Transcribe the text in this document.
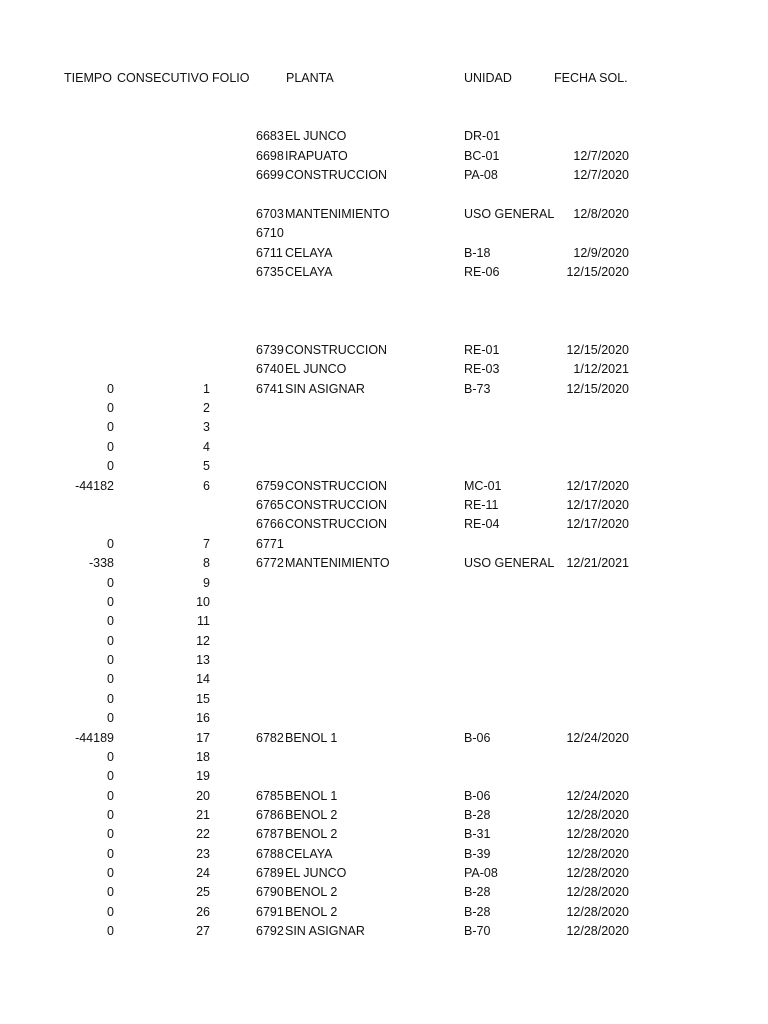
TIEMPO CONSECUTIVO FOLIO	PLANTA	UNIDAD	FECHA SOL.
6683 EL JUNCO	DR-01
6698 IRAPUATO	BC-01	12/7/2020
6699 CONSTRUCCION	PA-08	12/7/2020
6703 MANTENIMIENTO	USO GENERAL 12/8/2020
6710
6711 CELAYA	B-18	12/9/2020
6735 CELAYA	RE-06	12/15/2020
6739 CONSTRUCCION	RE-01	12/15/2020
6740 EL JUNCO	RE-03	1/12/2021
0	1	6741 SIN ASIGNAR	B-73	12/15/2020
0	2
0	3
0	4
0	5
-44182	6	6759 CONSTRUCCION	MC-01	12/17/2020
6765 CONSTRUCCION	RE-11	12/17/2020
6766 CONSTRUCCION	RE-04	12/17/2020
0	7	6771
-338	8	6772 MANTENIMIENTO	USO GENERAL 12/21/2021
0	9
0	10
0	11
0	12
0	13
0	14
0	15
0	16
-44189	17	6782 BENOL 1	B-06	12/24/2020
0	18
0	19
0	20	6785 BENOL 1	B-06	12/24/2020
0	21	6786 BENOL 2	B-28	12/28/2020
0	22	6787 BENOL 2	B-31	12/28/2020
0	23	6788 CELAYA	B-39	12/28/2020
0	24	6789 EL JUNCO	PA-08	12/28/2020
0	25	6790 BENOL 2	B-28	12/28/2020
0	26	6791 BENOL 2	B-28	12/28/2020
0	27	6792 SIN ASIGNAR	B-70	12/28/2020
